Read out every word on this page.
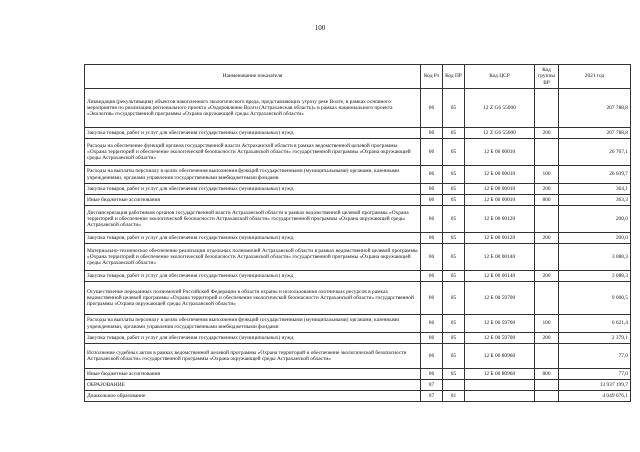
100
Наименование показателя	Код Рз	Код ПР	Код ЦСР	Код группы ВР	2021 год
Ликвидация (рекультивация) объектов накопленного экологического вреда, представляющих угрозу реке Волге, в рамках основного мероприятия по реализации регионального проекта «Оздоровление Волги (Астраханская область)» в рамках национального проекта «Экология» государственной программы «Охрана окружающей среды Астраханской области»	06	05	12 Z G6 55000		207 788,8
Закупка товаров, работ и услуг для обеспечения государственных (муниципальных) нужд	06	05	12 Z G6 55000	200	207 788,8
Расходы на обеспечение функций органов государственной власти Астраханской области в рамках ведомственной целевой программы «Охрана территорий и обеспечение экологической безопасности Астраханской области» государственной программы «Охрана окружающей среды Астраханской области»	06	05	12 Б 00 00010		26 767,1
Расходы на выплаты персоналу в целях обеспечения выполнения функций государственными (муниципальными) органами, казенными учреждениями, органами управления государственными внебюджетными фондами	06	05	12 Б 00 00010	100	26 039,7
Закупка товаров, работ и услуг для обеспечения государственных (муниципальных) нужд	06	05	12 Б 00 00010	200	364,1
Иные бюджетные ассигнования	06	05	12 Б 00 00010	800	363,3
Диспансеризация работников органов государственной власти Астраханской области в рамках ведомственной целевой программы «Охрана территорий и обеспечение экологической безопасности Астраханской области» государственной программы «Охрана окружающей среды Астраханской области»	06	05	12 Б 00 00120		200,0
Закупка товаров, работ и услуг для обеспечения государственных (муниципальных) нужд	06	05	12 Б 00 00120	200	200,0
Материально-техническое обеспечение реализации отдельных полномочий Астраханской области в рамках ведомственной целевой программы «Охрана территорий и обеспечение экологической безопасности Астраханской области» государственной программы «Охрана окружающей среды Астраханской области»	06	05	12 Б 00 00140		3 088,3
Закупка товаров, работ и услуг для обеспечения государственных (муниципальных) нужд	06	05	12 Б 00 00140	200	3 088,3
Осуществление переданных полномочий Российской Федерации в области охраны и использования охотничьих ресурсов в рамках ведомственной целевой программы «Охрана территорий и обеспечение экологической безопасности Астраханской области» государственной программы «Охрана окружающей среды Астраханской области»	06	05	12 Б 00 59700		9 000,5
Расходы на выплаты персоналу в целях обеспечения выполнения функций государственными (муниципальными) органами, казенными учреждениями, органами управления государственными внебюджетными фондами	06	05	12 Б 00 59700	100	6 621,4
Закупка товаров, работ и услуг для обеспечения государственных (муниципальных) нужд	06	05	12 Б 00 59700	200	2 379,1
Исполнение судебных актов в рамках ведомственной целевой программы «Охрана территорий и обеспечение экологической безопасности Астраханской области» государственной программы «Охрана окружающей среды Астраханской области»	06	05	12 Б 00 80960		77,0
Иные бюджетные ассигнования	06	05	12 Б 00 80960	800	77,0
ОБРАЗОВАНИЕ	07				13 937 199,7
Дошкольное образование	07	01			4 049 076,1
